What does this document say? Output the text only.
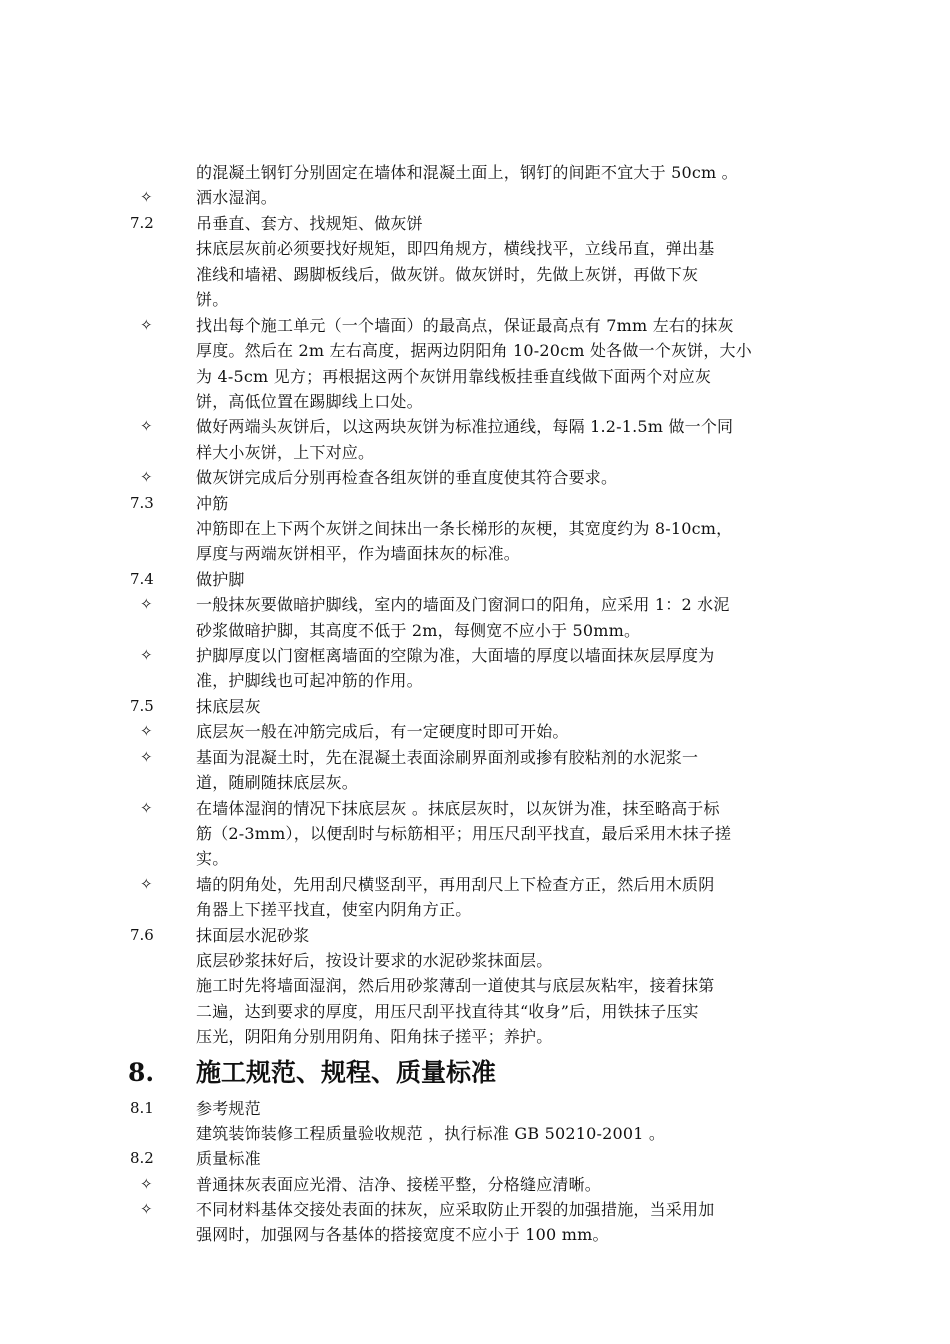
的混凝土钢钉分别固定在墙体和混凝土面上，钢钉的间距不宜大于 50cm 。
✧	洒水湿润。
7.2	吊垂直、套方、找规矩、做灰饼
抹底层灰前必须要找好规矩，即四角规方，横线找平，立线吊直，弹出基
准线和墙裙、踢脚板线后，做灰饼。做灰饼时，先做上灰饼，再做下灰
饼。
✧	找出每个施工单元（一个墙面）的最高点，保证最高点有 7mm 左右的抹灰
厚度。然后在 2m 左右高度，据两边阴阳角 10-20cm 处各做一个灰饼，大小
为 4-5cm 见方；再根据这两个灰饼用靠线板挂垂直线做下面两个对应灰
饼，高低位置在踢脚线上口处。
✧	做好两端头灰饼后，以这两块灰饼为标准拉通线，每隔 1.2-1.5m 做一个同
样大小灰饼，上下对应。
✧	做灰饼完成后分别再检查各组灰饼的垂直度使其符合要求。
7.3	冲筋
冲筋即在上下两个灰饼之间抹出一条长梯形的灰梗，其宽度约为 8-10cm，
厚度与两端灰饼相平，作为墙面抹灰的标准。
7.4	做护脚
✧	一般抹灰要做暗护脚线，室内的墙面及门窗洞口的阳角，应采用 1：2 水泥
砂浆做暗护脚，其高度不低于 2m，每侧宽不应小于 50mm。
✧	护脚厚度以门窗框离墙面的空隙为准，大面墙的厚度以墙面抹灰层厚度为
准，护脚线也可起冲筋的作用。
7.5	抹底层灰
✧	底层灰一般在冲筋完成后，有一定硬度时即可开始。
✧	基面为混凝土时，先在混凝土表面涂刷界面剂或掺有胶粘剂的水泥浆一
道，随刷随抹底层灰。
✧	在墙体湿润的情况下抹底层灰 。抹底层灰时，以灰饼为准，抹至略高于标
筋（2-3mm），以便刮时与标筋相平；用压尺刮平找直，最后采用木抹子搓
实。
✧	墙的阴角处，先用刮尺横竖刮平，再用刮尺上下检查方正，然后用木质阴
角器上下搓平找直，使室内阴角方正。
7.6	抹面层水泥砂浆
底层砂浆抹好后，按设计要求的水泥砂浆抹面层。
施工时先将墙面湿润，然后用砂浆薄刮一道使其与底层灰粘牢，接着抹第
二遍，达到要求的厚度，用压尺刮平找直待其“收身”后，用铁抹子压实
压光，阴阳角分别用阴角、阳角抹子搓平；养护。
8. 施工规范、规程、质量标准
8.1	参考规范
建筑装饰装修工程质量验收规范 ，执行标准 GB 50210-2001 。
8.2	质量标准
✧	普通抹灰表面应光滑、洁净、接槎平整，分格缝应清晰。
✧	不同材料基体交接处表面的抹灰，应采取防止开裂的加强措施，当采用加
强网时，加强网与各基体的搭接宽度不应小于 100 mm。
